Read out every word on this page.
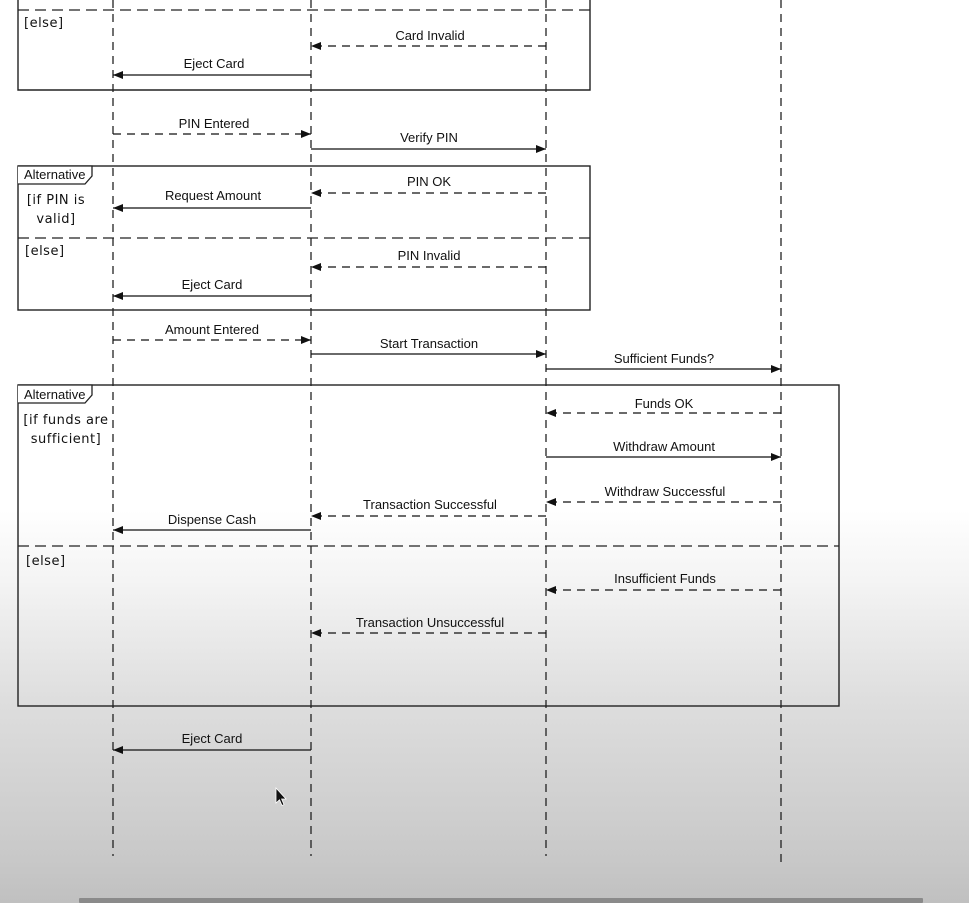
[else]
Alternative
[if PIN is
valid]
[else]
Alternative
[if funds are
sufficient]
[else]
Card Invalid
Eject Card
PIN Entered
Verify PIN
PIN OK
Request Amount
PIN Invalid
Eject Card
Amount Entered
Start Transaction
Sufficient Funds?
Funds OK
Withdraw Amount
Withdraw Successful
Transaction Successful
Dispense Cash
Insufficient Funds
Transaction Unsuccessful
Eject Card
